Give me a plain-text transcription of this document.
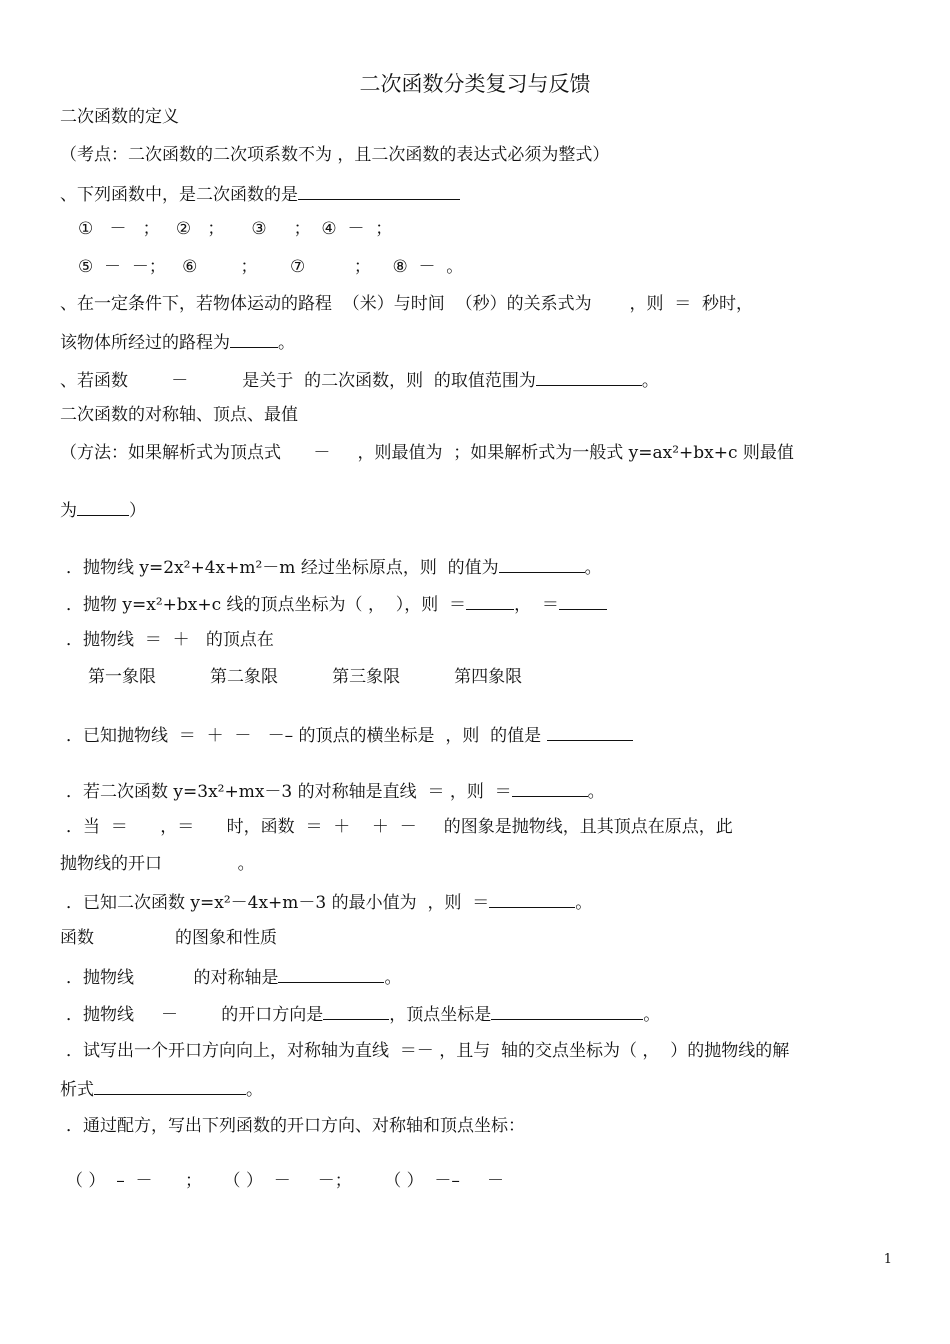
二次函数分类复习与反馈
二次函数的定义
（考点：二次函数的二次项系数不为 ，且二次函数的表达式必须为整式）
、下列函数中，是二次函数的是
①   －   ；   ②   ；     ③     ；  ④  －  ；
⑤  －  －；   ⑥        ；      ⑦         ；    ⑧  －  。
、在一定条件下，若物体运动的路程  （米）与时间  （秒）的关系式为       ，则  ＝  秒时，
该物体所经过的路程为	。
、若函数        －          是关于  的二次函数，则  的取值范围为	。
二次函数的对称轴、顶点、最值
（方法：如果解析式为顶点式      －     ，则最值为  ；如果解析式为一般式 y=ax²+bx+c 则最值
为	）
．抛物线 y=2x²+4x+m²－m 经过坐标原点，则  的值为	。
．抛物 y=x²+bx+c 线的顶点坐标为（ ，  ），则  ＝	，  ＝
．抛物线  ＝  ＋   的顶点在
第一象限          第二象限          第三象限          第四象限
．已知抛物线  ＝  ＋  －   －– 的顶点的横坐标是  ，则  的值是
．若二次函数 y=3x²+mx－3 的对称轴是直线  ＝ ，则  ＝	。
．当  ＝      ，＝      时，函数  ＝  ＋    ＋  －     的图象是抛物线，且其顶点在原点，此
抛物线的开口              。
．已知二次函数 y=x²－4x+m－3 的最小值为  ，则  ＝	。
函数               的图象和性质
．抛物线           的对称轴是	。
．抛物线     －        的开口方向是	，顶点坐标是	。
．试写出一个开口方向向上，对称轴为直线  ＝－ ，且与  轴的交点坐标为（ ，  ）的抛物线的解
析式	。
．通过配方，写出下列函数的开口方向、对称轴和顶点坐标：
（ ）  –  －      ；    （ ）  －     －；      （ ）  －–     －
1
